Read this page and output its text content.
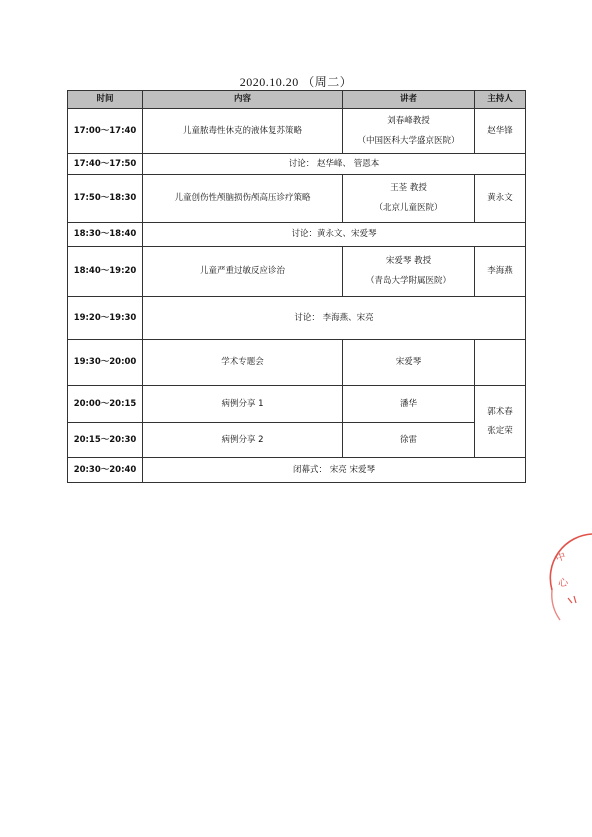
2020.10.20 （周二）
时间	内容	讲者	主持人
17:00～17:40	儿童脓毒性休克的液体复苏策略	刘春峰教授
（中国医科大学盛京医院）	赵华锋
17:40～17:50	讨论： 赵华峰、 管恩本		
17:50～18:30	儿童创伤性颅脑损伤颅高压诊疗策略	王荃 教授
（北京儿童医院）	黄永文
18:30～18:40	讨论：黄永文、宋爱琴		
18:40～19:20	儿童严重过敏反应诊治	宋爱琴 教授
（青岛大学附属医院）	李海燕
19:20～19:30	讨论： 李海燕、宋亮		
19:30～20:00	学术专题会	宋爱琴	
20:00～20:15	病例分享 1	潘华	郭术春
张定荣

20:15～20:30	病例分享 2	徐雷	
20:30～20:40	闭幕式： 宋亮 宋爱琴		
中
心
